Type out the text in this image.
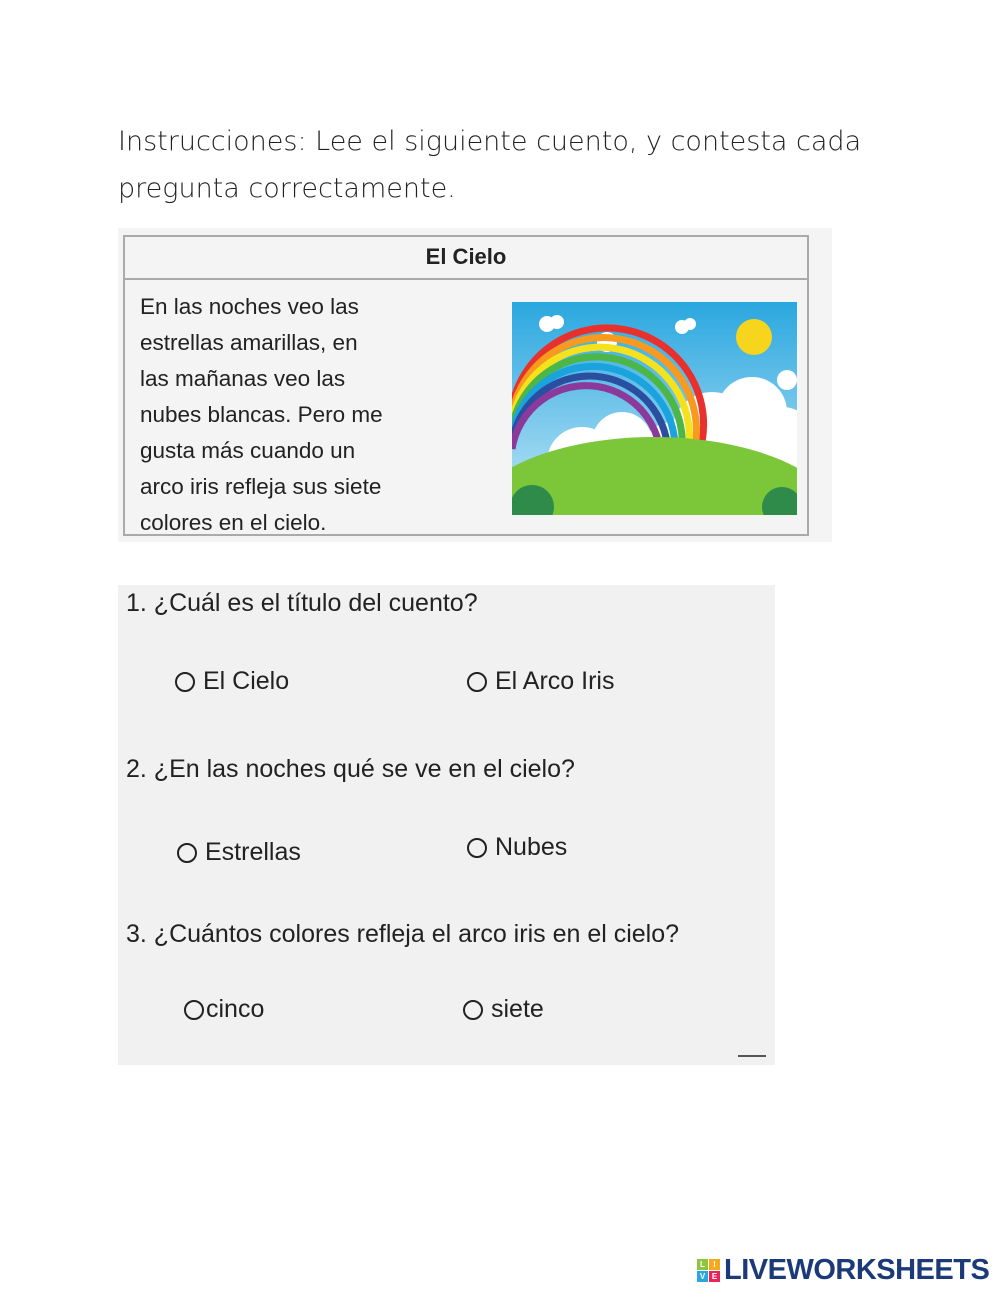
Instrucciones: Lee el siguiente cuento, y contesta cada pregunta correctamente.
El Cielo
En las noches veo las
estrellas amarillas, en
las mañanas veo las
nubes blancas. Pero me
gusta más cuando un
arco iris refleja sus siete
colores en el cielo.
1. ¿Cuál es el título del cuento?
El Cielo	El Arco Iris
2. ¿En las noches qué se ve en el cielo?
Estrellas	Nubes
3. ¿Cuántos colores refleja el arco iris en el cielo?
cinco	siete
L	I
V E LIVEWORKSHEETS
